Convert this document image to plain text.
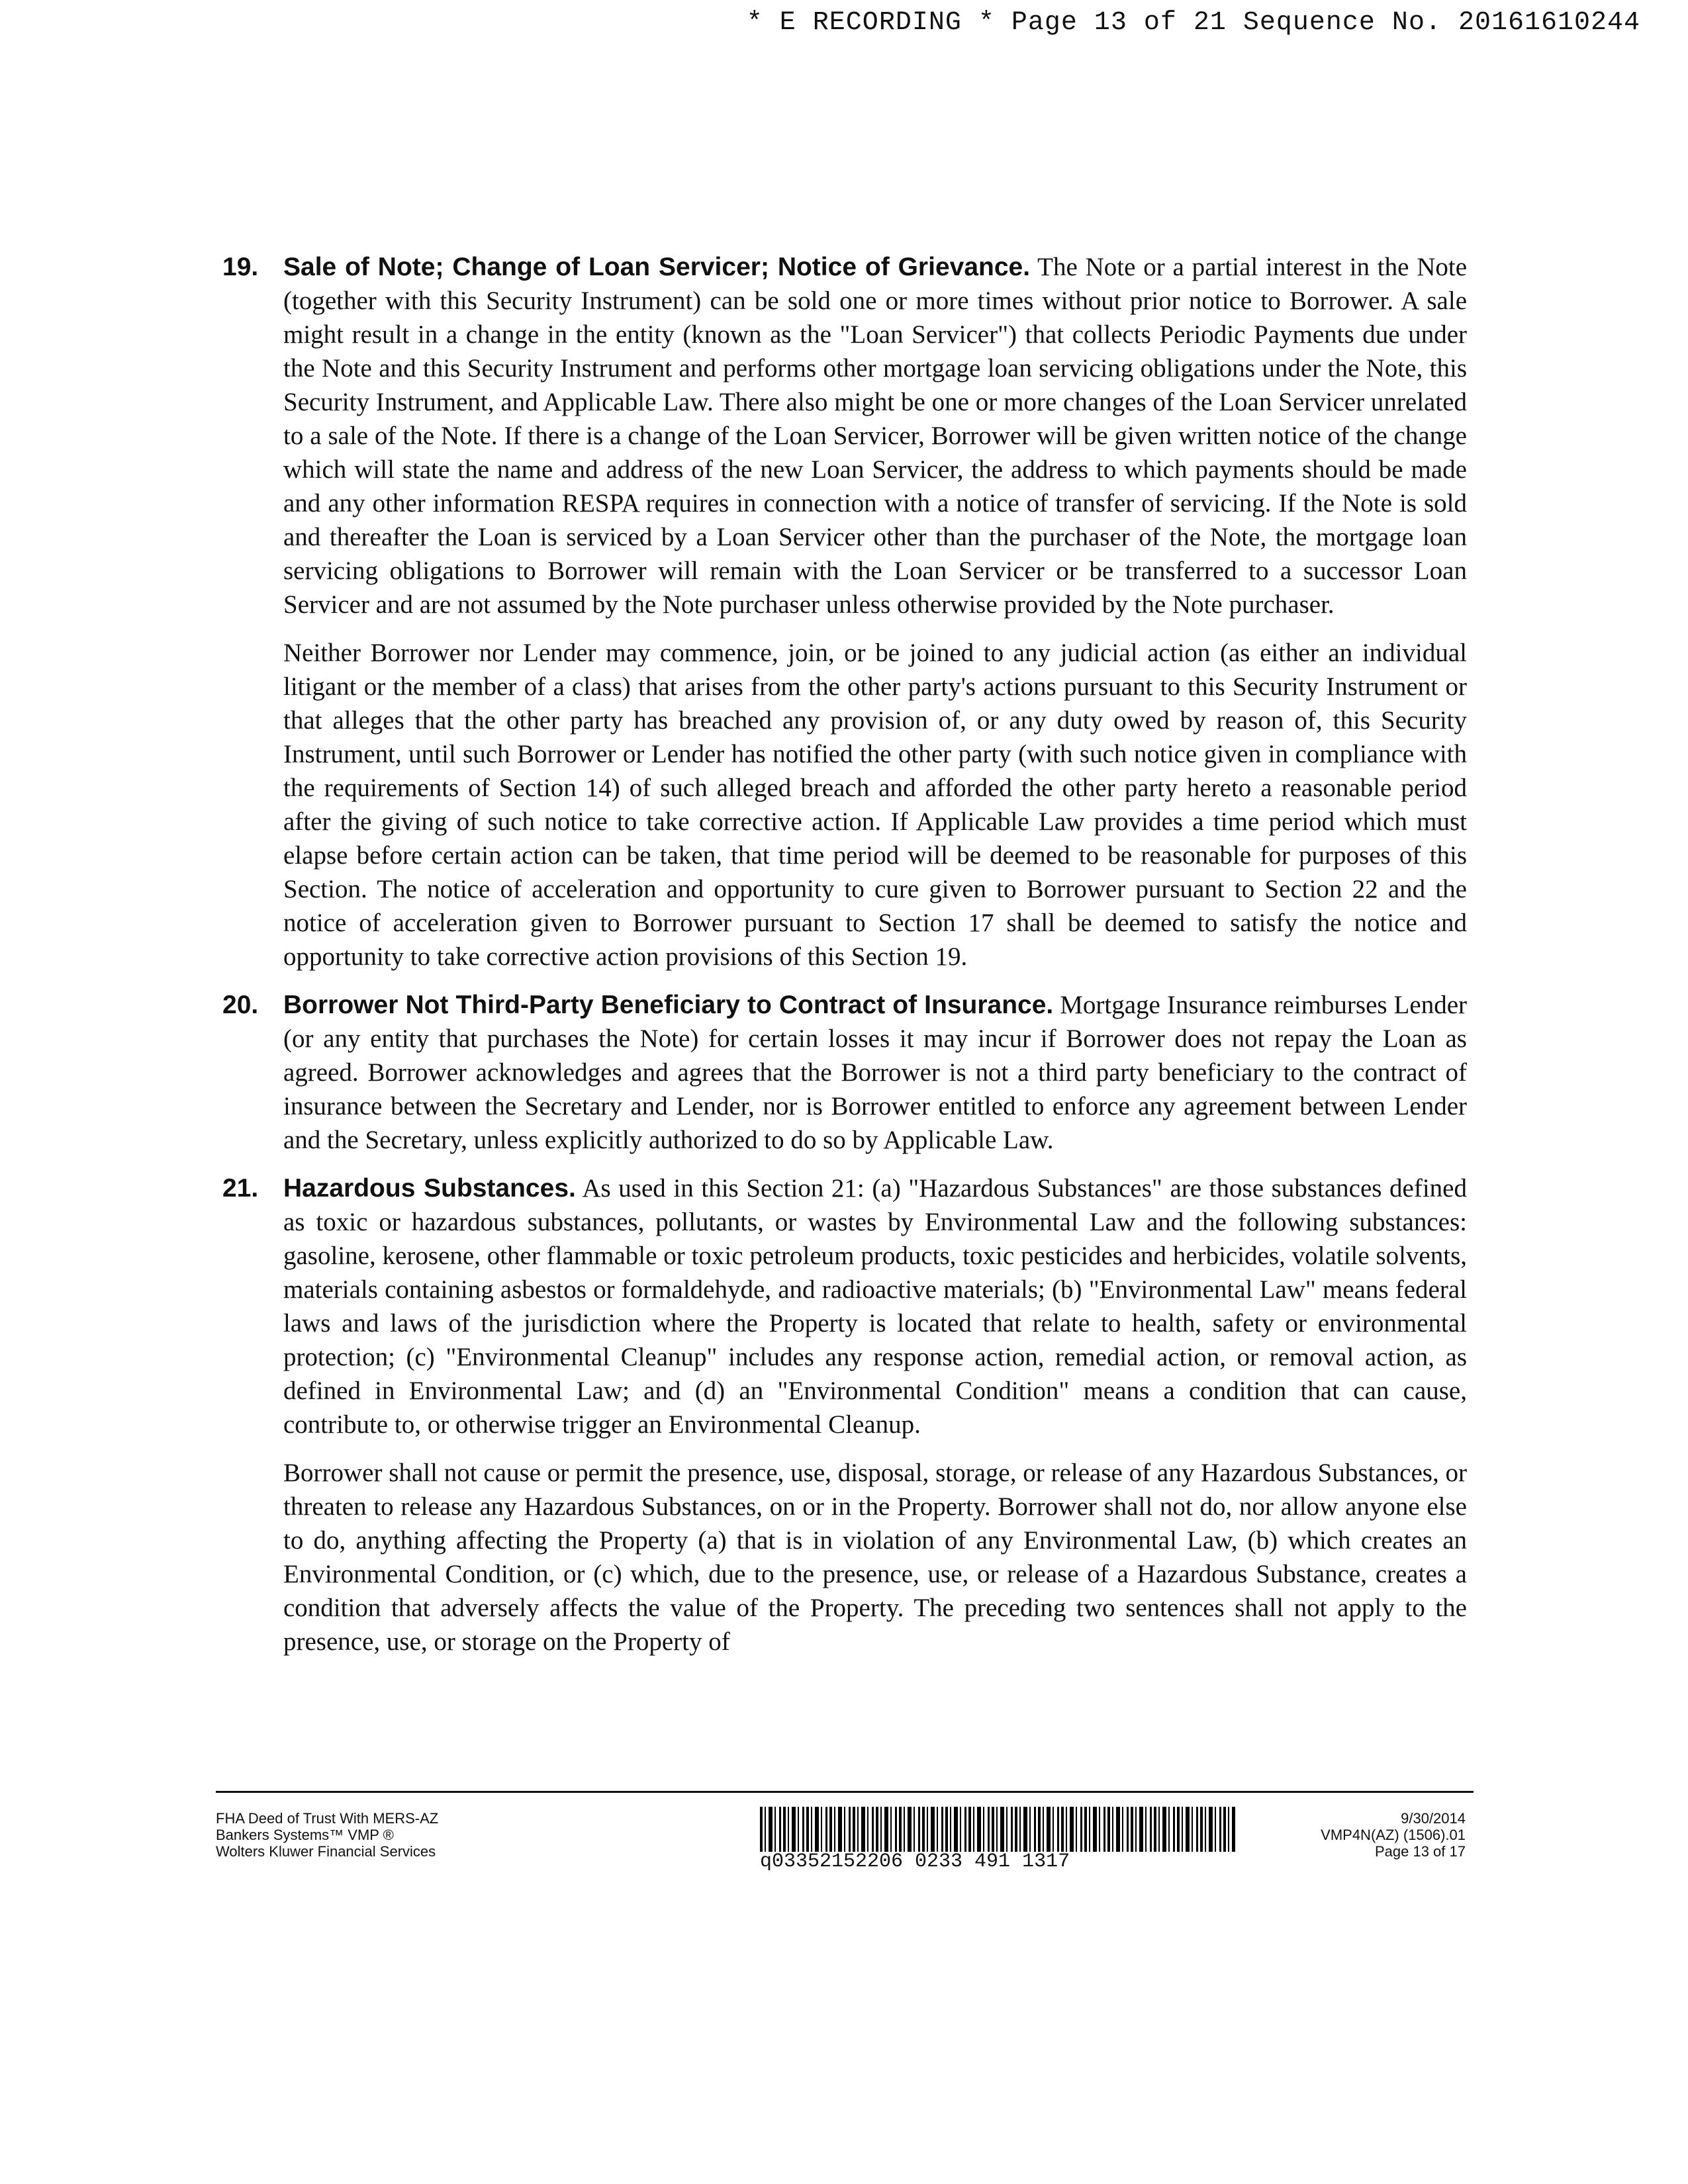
* E RECORDING * Page 13 of 21 Sequence No. 20161610244
19. Sale of Note; Change of Loan Servicer; Notice of Grievance. The Note or a partial interest in the Note (together with this Security Instrument) can be sold one or more times without prior notice to Borrower. A sale might result in a change in the entity (known as the "Loan Servicer") that collects Periodic Payments due under the Note and this Security Instrument and performs other mortgage loan servicing obligations under the Note, this Security Instrument, and Applicable Law. There also might be one or more changes of the Loan Servicer unrelated to a sale of the Note. If there is a change of the Loan Servicer, Borrower will be given written notice of the change which will state the name and address of the new Loan Servicer, the address to which payments should be made and any other information RESPA requires in connection with a notice of transfer of servicing. If the Note is sold and thereafter the Loan is serviced by a Loan Servicer other than the purchaser of the Note, the mortgage loan servicing obligations to Borrower will remain with the Loan Servicer or be transferred to a successor Loan Servicer and are not assumed by the Note purchaser unless otherwise provided by the Note purchaser.

Neither Borrower nor Lender may commence, join, or be joined to any judicial action (as either an individual litigant or the member of a class) that arises from the other party's actions pursuant to this Security Instrument or that alleges that the other party has breached any provision of, or any duty owed by reason of, this Security Instrument, until such Borrower or Lender has notified the other party (with such notice given in compliance with the requirements of Section 14) of such alleged breach and afforded the other party hereto a reasonable period after the giving of such notice to take corrective action. If Applicable Law provides a time period which must elapse before certain action can be taken, that time period will be deemed to be reasonable for purposes of this Section. The notice of acceleration and opportunity to cure given to Borrower pursuant to Section 22 and the notice of acceleration given to Borrower pursuant to Section 17 shall be deemed to satisfy the notice and opportunity to take corrective action provisions of this Section 19.

20. Borrower Not Third-Party Beneficiary to Contract of Insurance. Mortgage Insurance reimburses Lender (or any entity that purchases the Note) for certain losses it may incur if Borrower does not repay the Loan as agreed. Borrower acknowledges and agrees that the Borrower is not a third party beneficiary to the contract of insurance between the Secretary and Lender, nor is Borrower entitled to enforce any agreement between Lender and the Secretary, unless explicitly authorized to do so by Applicable Law.

21. Hazardous Substances. As used in this Section 21: (a) "Hazardous Substances" are those substances defined as toxic or hazardous substances, pollutants, or wastes by Environmental Law and the following substances: gasoline, kerosene, other flammable or toxic petroleum products, toxic pesticides and herbicides, volatile solvents, materials containing asbestos or formaldehyde, and radioactive materials; (b) "Environmental Law" means federal laws and laws of the jurisdiction where the Property is located that relate to health, safety or environmental protection; (c) "Environmental Cleanup" includes any response action, remedial action, or removal action, as defined in Environmental Law; and (d) an "Environmental Condition" means a condition that can cause, contribute to, or otherwise trigger an Environmental Cleanup.

Borrower shall not cause or permit the presence, use, disposal, storage, or release of any Hazardous Substances, or threaten to release any Hazardous Substances, on or in the Property. Borrower shall not do, nor allow anyone else to do, anything affecting the Property (a) that is in violation of any Environmental Law, (b) which creates an Environmental Condition, or (c) which, due to the presence, use, or release of a Hazardous Substance, creates a condition that adversely affects the value of the Property. The preceding two sentences shall not apply to the presence, use, or storage on the Property of

FHA Deed of Trust With MERS-AZ
Bankers Systems™ VMP ®
Wolters Kluwer Financial Services	q03352152206 0233 491 1317
9/30/2014
VMP4N(AZ) (1506).01
Page 13 of 17
